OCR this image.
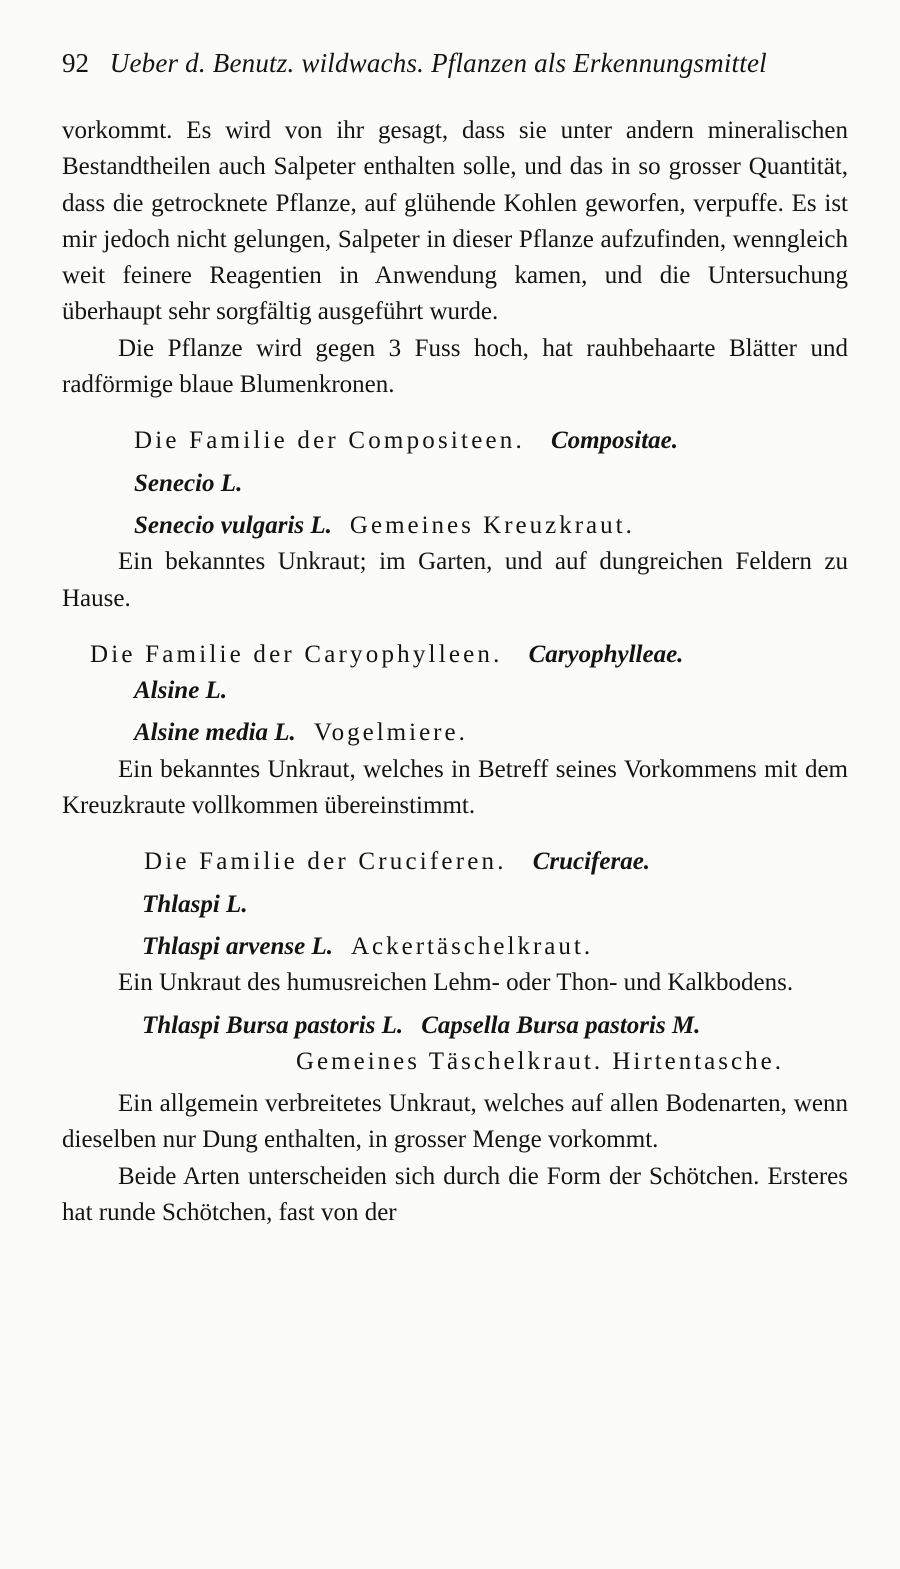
92 Ueber d. Benutz. wildwachs. Pflanzen als Erkennungsmittel

vorkommt. Es wird von ihr gesagt, dass sie unter andern mineralischen Bestandtheilen auch Salpeter enthalten solle, und das in so grosser Quantität, dass die getrocknete Pflanze, auf glühende Kohlen geworfen, verpuffe. Es ist mir jedoch nicht gelungen, Salpeter in dieser Pflanze aufzufinden, wenngleich weit feinere Reagentien in Anwendung kamen, und die Untersuchung überhaupt sehr sorgfältig ausgeführt wurde.

Die Pflanze wird gegen 3 Fuss hoch, hat rauhbehaarte Blätter und radförmige blaue Blumenkronen.

Die Familie der Compositeen. Compositae.

Senecio L.

Senecio vulgaris L. Gemeines Kreuzkraut.

Ein bekanntes Unkraut; im Garten, und auf dungreichen Feldern zu Hause.

Die Familie der Caryophylleen. Caryophylleae.

Alsine L.

Alsine media L. Vogelmiere.

Ein bekanntes Unkraut, welches in Betreff seines Vorkommens mit dem Kreuzkraute vollkommen übereinstimmt.

Die Familie der Cruciferen. Cruciferae.

Thlaspi L.

Thlaspi arvense L. Ackertäschelkraut.

Ein Unkraut des humusreichen Lehm- oder Thon- und Kalkbodens.

Thlaspi Bursa pastoris L. Capsella Bursa pastoris M.
Gemeines Täschelkraut. Hirtentasche.

Ein allgemein verbreitetes Unkraut, welches auf allen Bodenarten, wenn dieselben nur Dung enthalten, in grosser Menge vorkommt.

Beide Arten unterscheiden sich durch die Form der Schötchen. Ersteres hat runde Schötchen, fast von der
